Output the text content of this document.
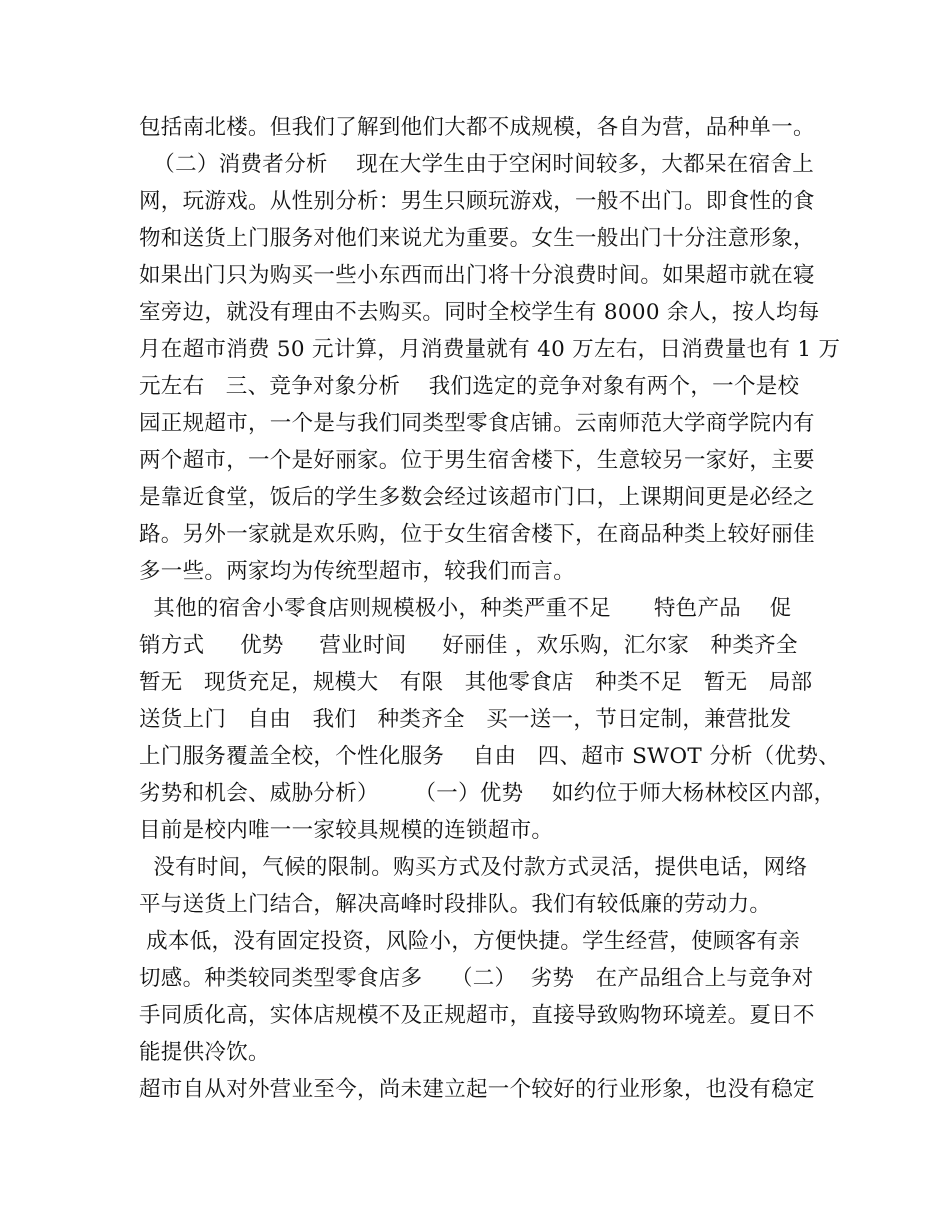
包括南北楼。但我们了解到他们大都不成规模，各自为营，品种单一。
（二）消费者分析    现在大学生由于空闲时间较多，大都呆在宿舍上
网，玩游戏。从性别分析：男生只顾玩游戏，一般不出门。即食性的食
物和送货上门服务对他们来说尤为重要。女生一般出门十分注意形象，
如果出门只为购买一些小东西而出门将十分浪费时间。如果超市就在寝
室旁边，就没有理由不去购买。同时全校学生有 8000 余人，按人均每
月在超市消费 50 元计算，月消费量就有 40 万左右，日消费量也有 1 万
元左右   三、竞争对象分析    我们选定的竞争对象有两个，一个是校
园正规超市，一个是与我们同类型零食店铺。云南师范大学商学院内有
两个超市，一个是好丽家。位于男生宿舍楼下，生意较另一家好，主要
是靠近食堂，饭后的学生多数会经过该超市门口，上课期间更是必经之
路。另外一家就是欢乐购，位于女生宿舍楼下，在商品种类上较好丽佳
多一些。两家均为传统型超市，较我们而言。
其他的宿舍小零食店则规模极小，种类严重不足      特色产品    促
销方式     优势     营业时间     好丽佳 ，欢乐购，汇尔家   种类齐全
暂无   现货充足，规模大   有限   其他零食店   种类不足   暂无   局部
送货上门   自由   我们   种类齐全   买一送一，节日定制，兼营批发
上门服务覆盖全校，个性化服务    自由   四、超市 SWOT 分析（优势、
劣势和机会、威胁分析）     （一）优势    如约位于师大杨林校区内部，
目前是校内唯一一家较具规模的连锁超市。
没有时间，气候的限制。购买方式及付款方式灵活，提供电话，网络
平与送货上门结合，解决高峰时段排队。我们有较低廉的劳动力。
成本低，没有固定投资，风险小，方便快捷。学生经营，使顾客有亲
切感。种类较同类型零食店多    （二）  劣势   在产品组合上与竞争对
手同质化高，实体店规模不及正规超市，直接导致购物环境差。夏日不
能提供冷饮。
超市自从对外营业至今，尚未建立起一个较好的行业形象，也没有稳定
